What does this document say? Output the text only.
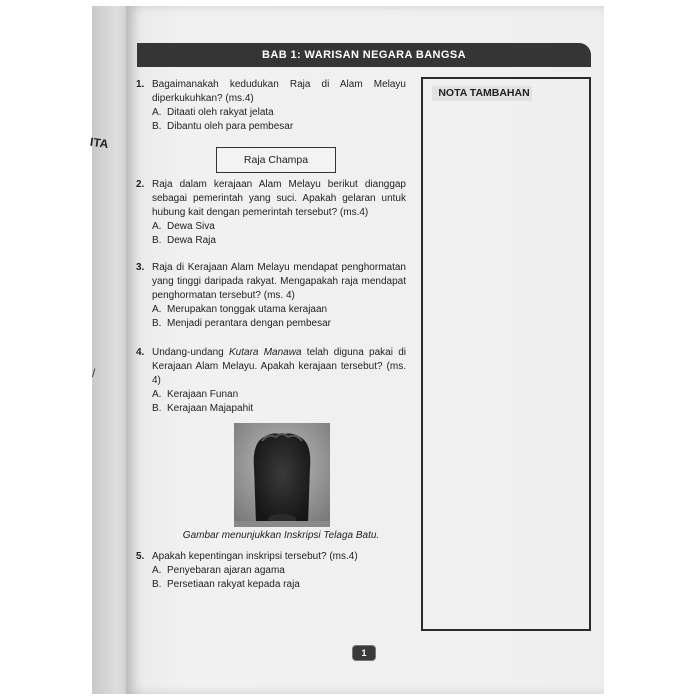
ITA
/
BAB 1: WARISAN NEGARA BANGSA
NOTA TAMBAHAN
1. Bagaimanakah kedudukan Raja di Alam Melayu diperkukuhkan? (ms.4)
A. Ditaati oleh rakyat jelata
B. Dibantu oleh para pembesar
Raja Champa
2. Raja dalam kerajaan Alam Melayu berikut dianggap sebagai pemerintah yang suci. Apakah gelaran untuk hubung kait dengan pemerintah tersebut? (ms.4)
A. Dewa Siva
B. Dewa Raja
3. Raja di Kerajaan Alam Melayu mendapat penghormatan yang tinggi daripada rakyat. Mengapakah raja mendapat penghormatan tersebut? (ms. 4)
A. Merupakan tonggak utama kerajaan
B. Menjadi perantara dengan pembesar
4. Undang-undang Kutara Manawa telah diguna pakai di Kerajaan Alam Melayu. Apakah kerajaan tersebut? (ms. 4)
A. Kerajaan Funan
B. Kerajaan Majapahit
Gambar menunjukkan Inskripsi Telaga Batu.
5. Apakah kepentingan inskripsi tersebut? (ms.4)
A. Penyebaran ajaran agama
B. Persetiaan rakyat kepada raja
1
